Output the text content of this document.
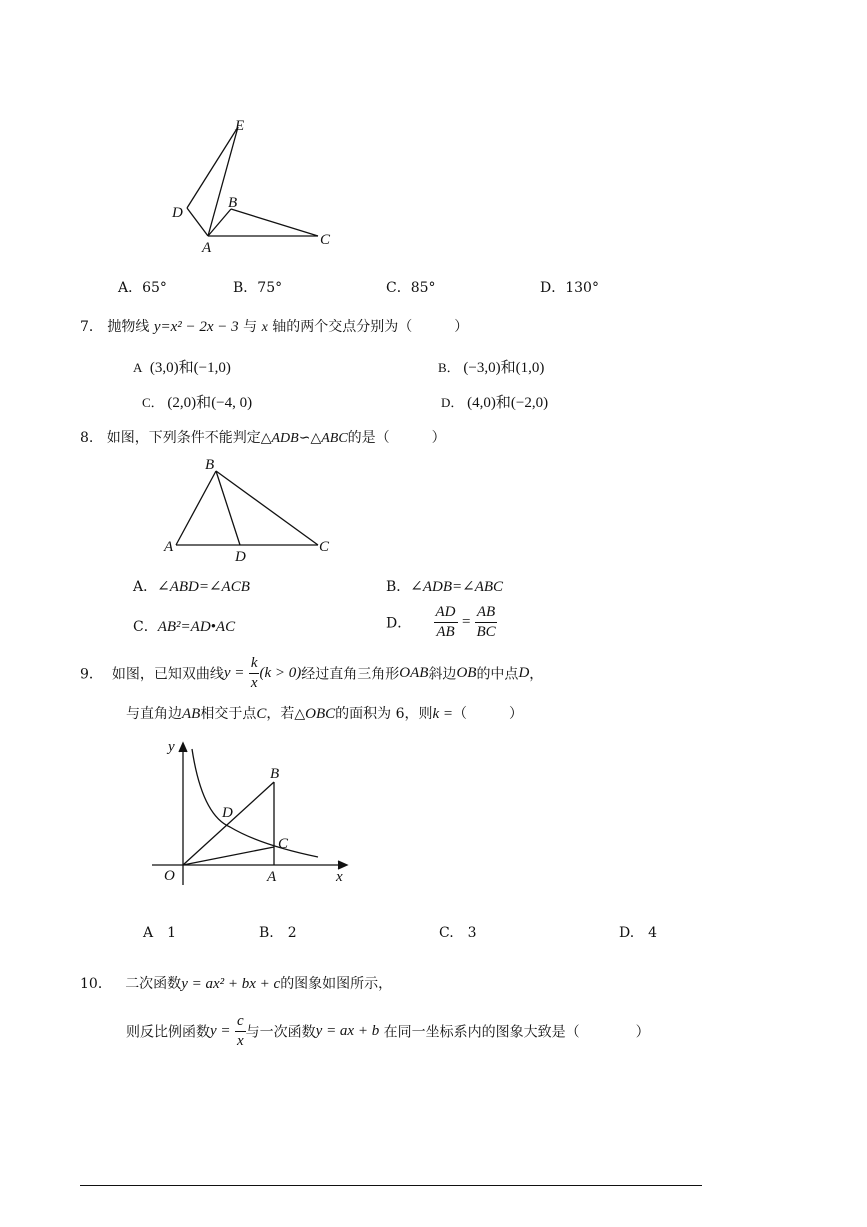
E
D
B
A	C
A．65°	B．75°	C．85°	D．130°
7． 抛物线 y=x² − 2x − 3 与 x 轴的两个交点分别为（　　　）
A (3,0)和(−1,0)	B． (−3,0)和(1,0)
C． (2,0)和(−4, 0)	D． (4,0)和(−2,0)
8. 如图，下列条件不能判定△ADB∽△ABC的是（　　　）
B
A
D
C
A．∠ABD=∠ACB	B．∠ADB=∠ABC
C．AB²=AD•AC	D． $\frac{AD}{AB} = \frac{AB}{BC}$
9． 如图，已知双曲线$y = \frac{k}{x} (k > 0)$经过直角三角形OAB斜边OB的中点D，
与直角边AB相交于点C，若△OBC的面积为 6，则k =（　　　）
y
B
D
C
O	A	x
A　1	B.　2	C.　3	D.　4
10． 二次函数y = ax² + bx + c的图象如图所示，
则反比例函数$y = \frac{c}{x}$ 与一次函数y = ax + b 在同一坐标系内的图象大致是（　　　　）
